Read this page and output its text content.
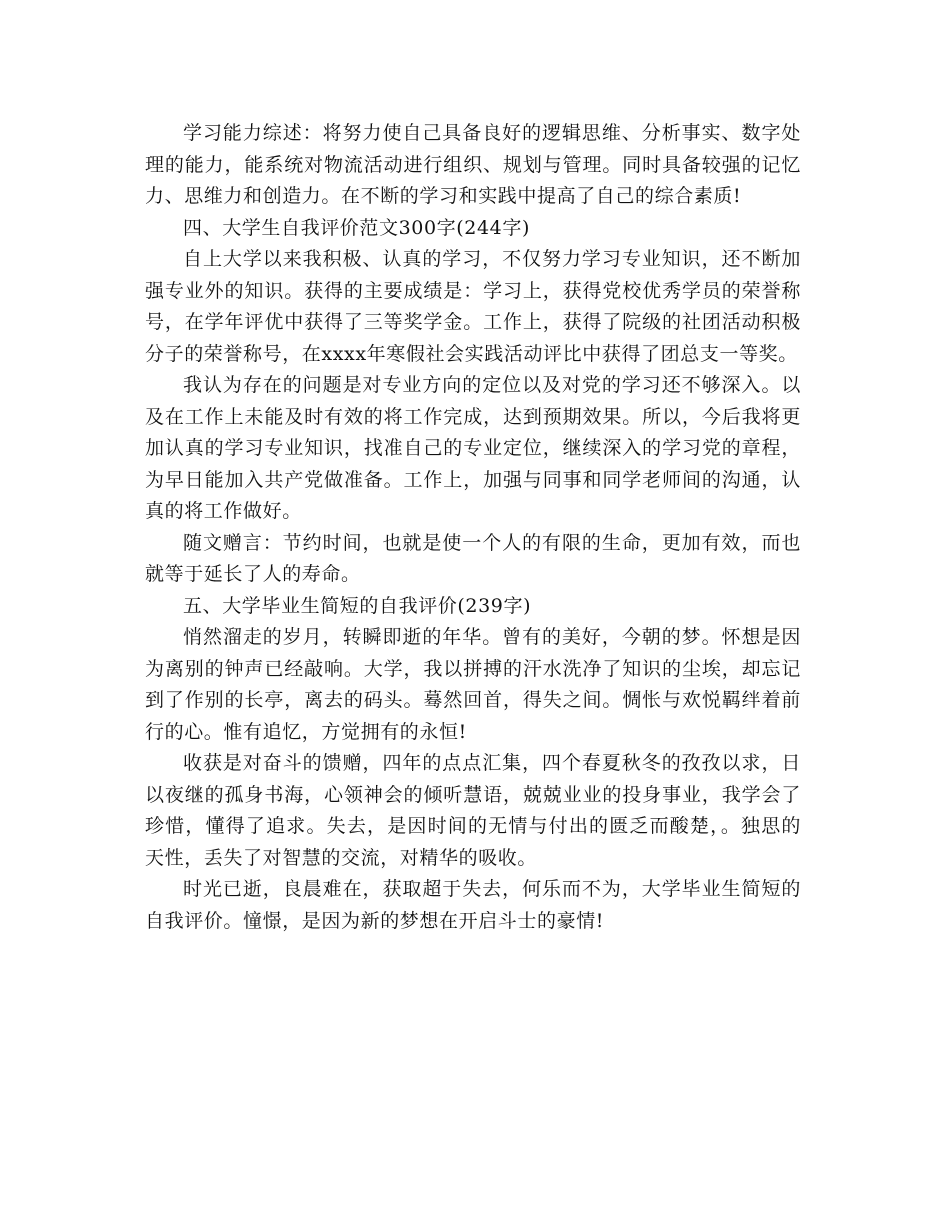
学习能力综述：将努力使自己具备良好的逻辑思维、分析事实、数字处理的能力，能系统对物流活动进行组织、规划与管理。同时具备较强的记忆力、思维力和创造力。在不断的学习和实践中提高了自己的综合素质!

四、大学生自我评价范文300字(244字)

自上大学以来我积极、认真的学习，不仅努力学习专业知识，还不断加强专业外的知识。获得的主要成绩是：学习上，获得党校优秀学员的荣誉称号，在学年评优中获得了三等奖学金。工作上，获得了院级的社团活动积极分子的荣誉称号，在xxxx年寒假社会实践活动评比中获得了团总支一等奖。

我认为存在的问题是对专业方向的定位以及对党的学习还不够深入。以及在工作上未能及时有效的将工作完成，达到预期效果。所以，今后我将更加认真的学习专业知识，找准自己的专业定位，继续深入的学习党的章程，为早日能加入共产党做准备。工作上，加强与同事和同学老师间的沟通，认真的将工作做好。

随文赠言：节约时间，也就是使一个人的有限的生命，更加有效，而也就等于延长了人的寿命。

五、大学毕业生简短的自我评价(239字)

悄然溜走的岁月，转瞬即逝的年华。曾有的美好，今朝的梦。怀想是因为离别的钟声已经敲响。大学，我以拼搏的汗水洗净了知识的尘埃，却忘记到了作别的长亭，离去的码头。蓦然回首，得失之间。惆怅与欢悦羁绊着前行的心。惟有追忆，方觉拥有的永恒!

收获是对奋斗的馈赠，四年的点点汇集，四个春夏秋冬的孜孜以求，日以夜继的孤身书海，心领神会的倾听慧语，兢兢业业的投身事业，我学会了珍惜，懂得了追求。失去，是因时间的无情与付出的匮乏而酸楚，。独思的天性，丢失了对智慧的交流，对精华的吸收。

时光已逝，良晨难在，获取超于失去，何乐而不为，大学毕业生简短的自我评价。憧憬，是因为新的梦想在开启斗士的豪情!
